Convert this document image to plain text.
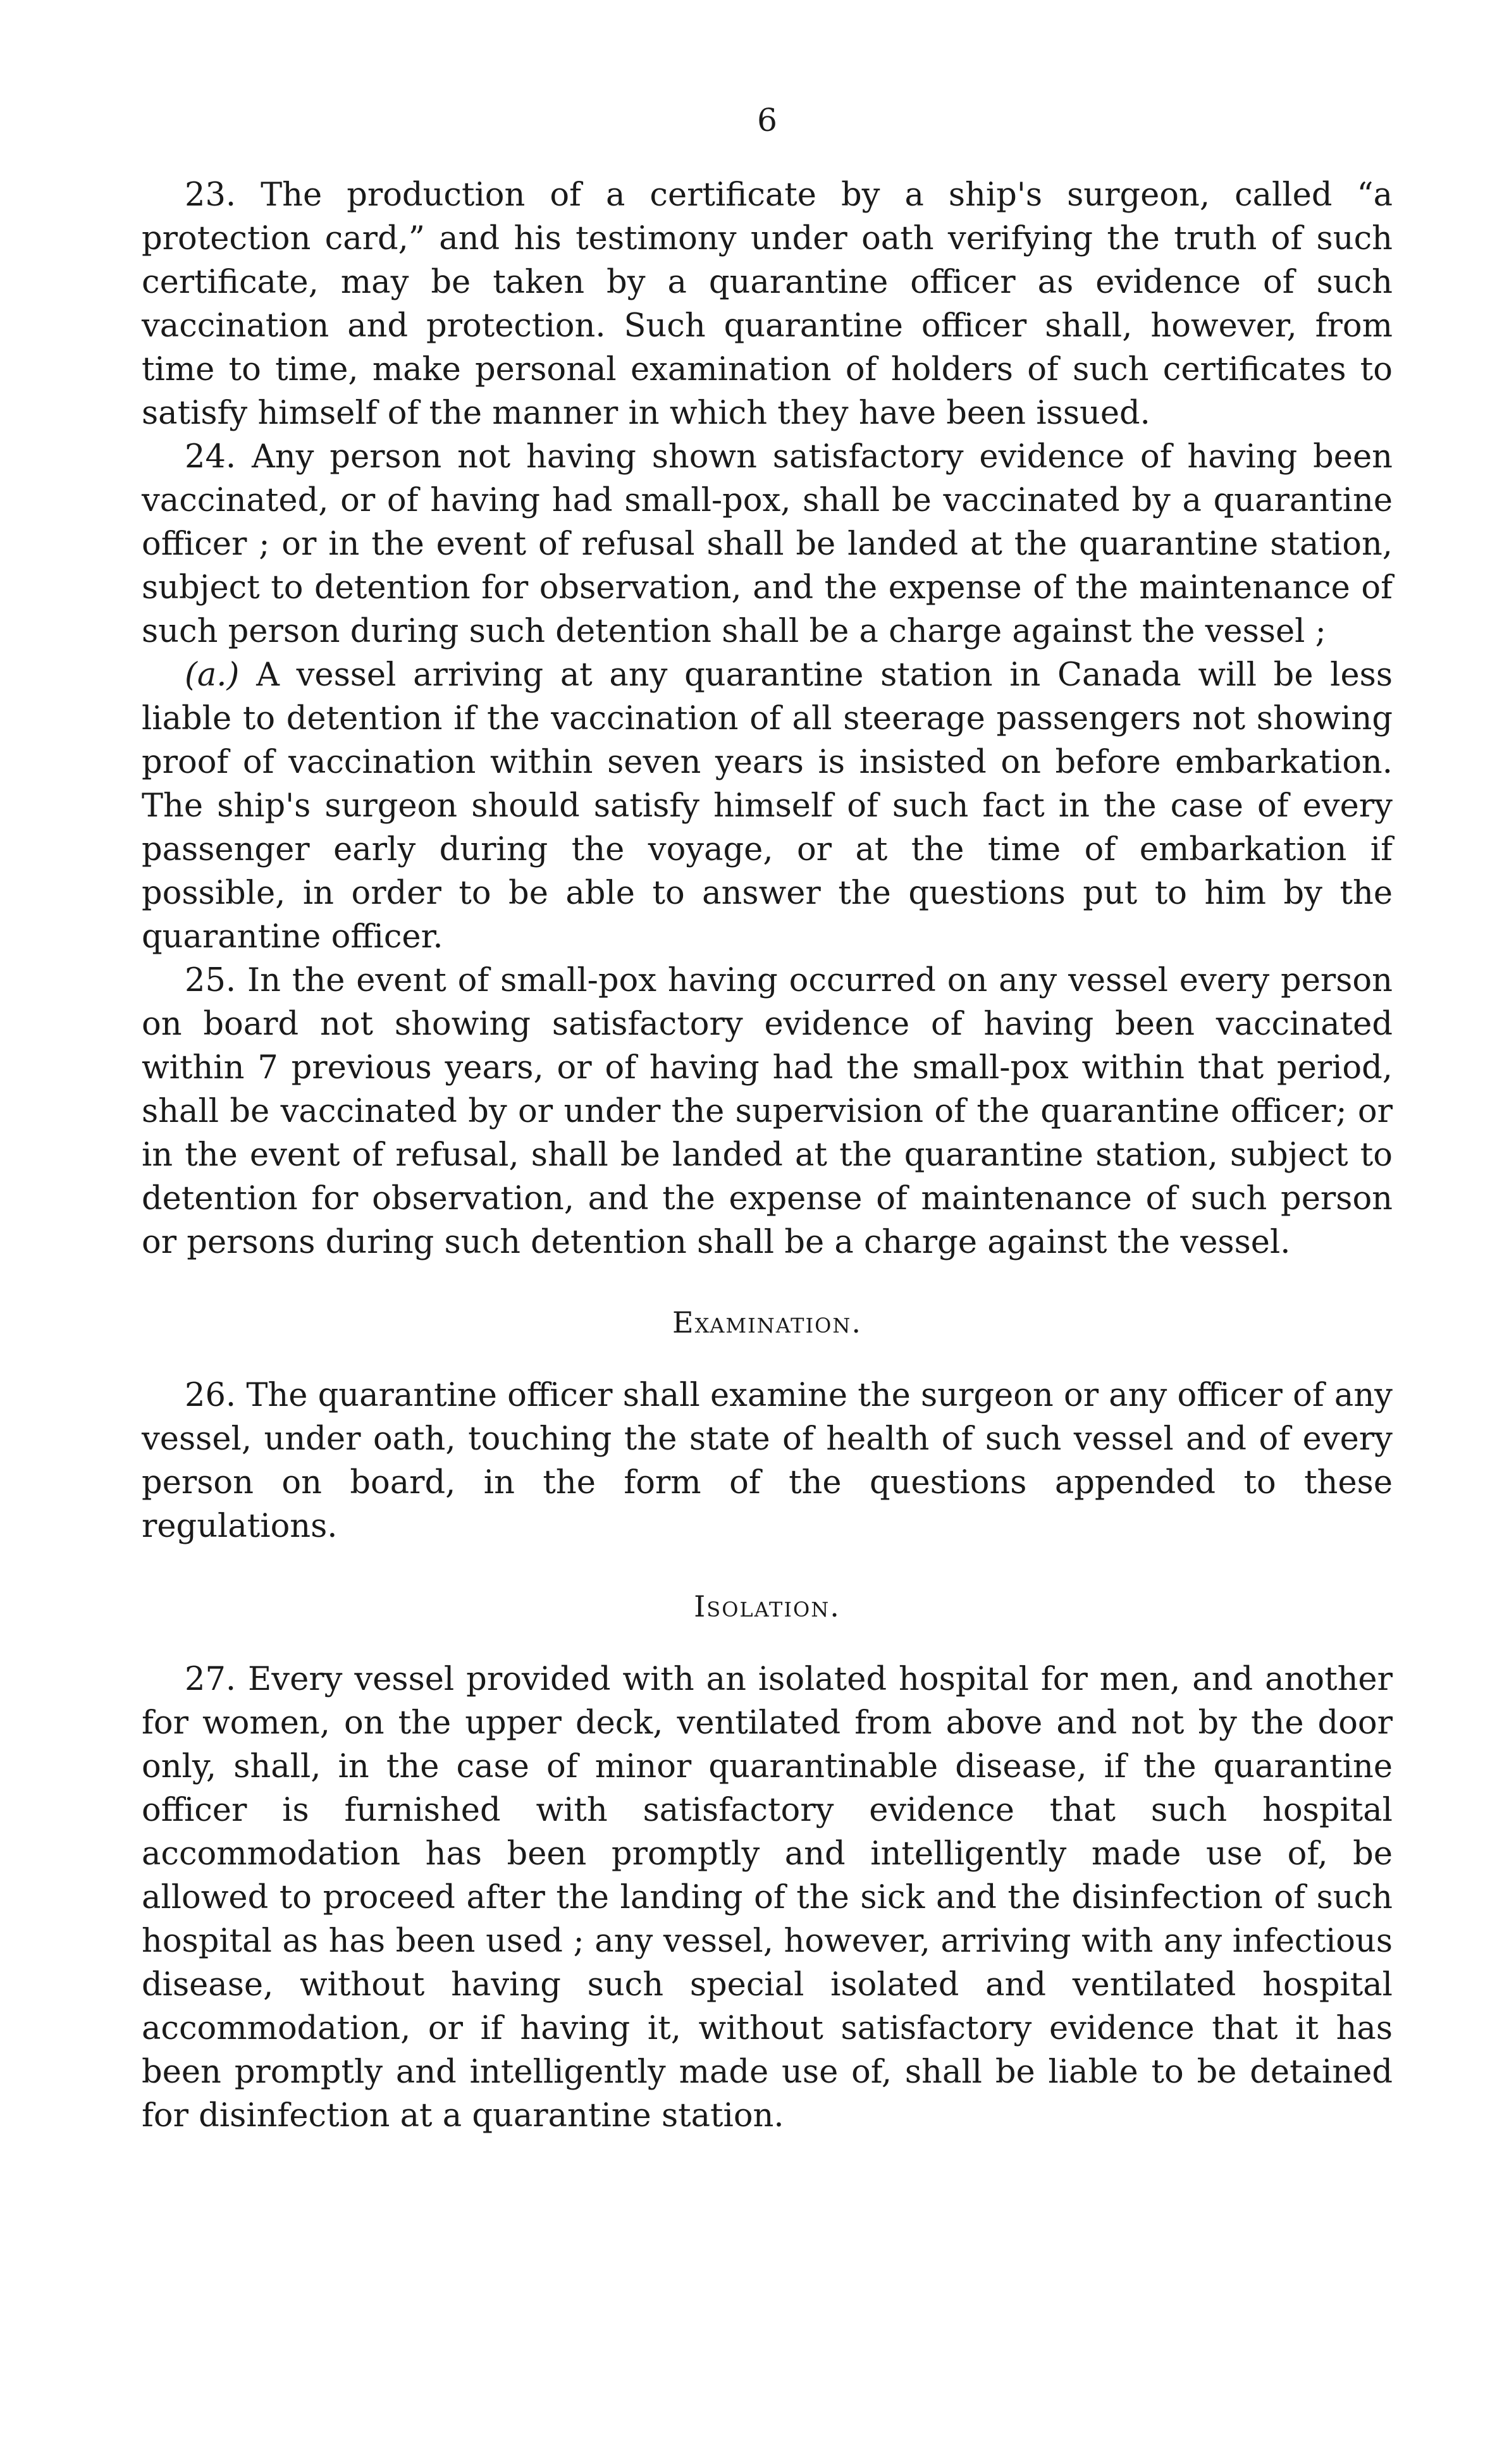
6

23. The production of a certificate by a ship's surgeon, called “a protection card,” and his testimony under oath verifying the truth of such certificate, may be taken by a quarantine officer as evidence of such vaccination and protection. Such quarantine officer shall, however, from time to time, make personal examination of holders of such certificates to satisfy himself of the manner in which they have been issued.

24. Any person not having shown satisfactory evidence of having been vaccinated, or of having had small-pox, shall be vaccinated by a quarantine officer ; or in the event of refusal shall be landed at the quarantine station, subject to detention for observation, and the expense of the maintenance of such person during such detention shall be a charge against the vessel ;

(a.) A vessel arriving at any quarantine station in Canada will be less liable to detention if the vaccination of all steerage passengers not showing proof of vaccination within seven years is insisted on before embarkation. The ship's surgeon should satisfy himself of such fact in the case of every passenger early during the voyage, or at the time of embarkation if possible, in order to be able to answer the questions put to him by the quarantine officer.

25. In the event of small-pox having occurred on any vessel every person on board not showing satisfactory evidence of having been vaccinated within 7 previous years, or of having had the small-pox within that period, shall be vaccinated by or under the supervision of the quarantine officer; or in the event of refusal, shall be landed at the quarantine station, subject to detention for observation, and the expense of maintenance of such person or persons during such detention shall be a charge against the vessel.

Examination.

26. The quarantine officer shall examine the surgeon or any officer of any vessel, under oath, touching the state of health of such vessel and of every person on board, in the form of the questions appended to these regulations.

Isolation.

27. Every vessel provided with an isolated hospital for men, and another for women, on the upper deck, ventilated from above and not by the door only, shall, in the case of minor quarantinable disease, if the quarantine officer is furnished with satisfactory evidence that such hospital accommodation has been promptly and intelligently made use of, be allowed to proceed after the landing of the sick and the disinfection of such hospital as has been used ; any vessel, however, arriving with any infectious disease, without having such special isolated and ventilated hospital accommodation, or if having it, without satisfactory evidence that it has been promptly and intelligently made use of, shall be liable to be detained for disinfection at a quarantine station.
